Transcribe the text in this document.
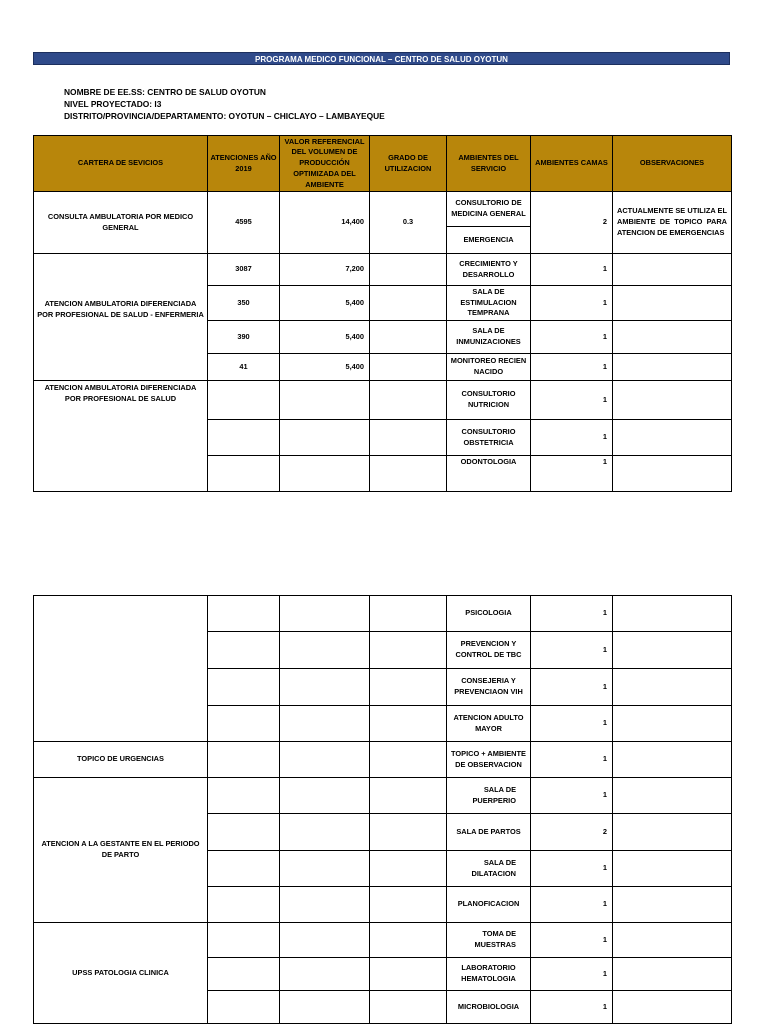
PROGRAMA MEDICO FUNCIONAL – CENTRO DE SALUD OYOTUN
NOMBRE DE EE.SS: CENTRO DE SALUD OYOTUN
NIVEL PROYECTADO: I3
DISTRITO/PROVINCIA/DEPARTAMENTO: OYOTUN – CHICLAYO – LAMBAYEQUE
CARTERA DE SEVICIOS	ATENCIONES AÑO 2019	VALOR REFERENCIAL DEL VOLUMEN DE PRODUCCIÓN OPTIMIZADA DEL AMBIENTE	GRADO DE UTILIZACION	AMBIENTES DEL SERVICIO	AMBIENTES CAMAS	OBSERVACIONES
CONSULTA AMBULATORIA POR MEDICO GENERAL	4595	14,400	0.3	CONSULTORIO DE MEDICINA GENERAL	2	ACTUALMENTE SE UTILIZA EL AMBIENTE DE TOPICO PARA ATENCION DE EMERGENCIAS
				EMERGENCIA		
ATENCION AMBULATORIA DIFERENCIADA POR PROFESIONAL DE SALUD - ENFERMERIA	3087	7,200		CRECIMIENTO Y DESARROLLO	1	
	350	5,400		SALA DE ESTIMULACION TEMPRANA	1	
	390	5,400		SALA DE INMUNIZACIONES	1	
	41	5,400		MONITOREO RECIEN NACIDO	1	
ATENCION AMBULATORIA DIFERENCIADA POR PROFESIONAL DE SALUD				CONSULTORIO NUTRICION	1	
				CONSULTORIO OBSTETRICIA	1	
				ODONTOLOGIA	1	
				PSICOLOGIA	1	
				PREVENCION Y CONTROL DE TBC	1	
				CONSEJERIA Y PREVENCIAON VIH	1	
				ATENCION ADULTO MAYOR	1	
TOPICO DE URGENCIAS				TOPICO + AMBIENTE DE OBSERVACION	1	
ATENCION A LA GESTANTE EN EL PERIODO DE PARTO				SALA DE PUERPERIO	1	
				SALA DE PARTOS	2	
				SALA DE DILATACION	1	
				PLANOFICACION	1	
UPSS PATOLOGIA CLINICA				TOMA DE MUESTRAS	1	
				LABORATORIO HEMATOLOGIA	1	
				MICROBIOLOGIA	1	
